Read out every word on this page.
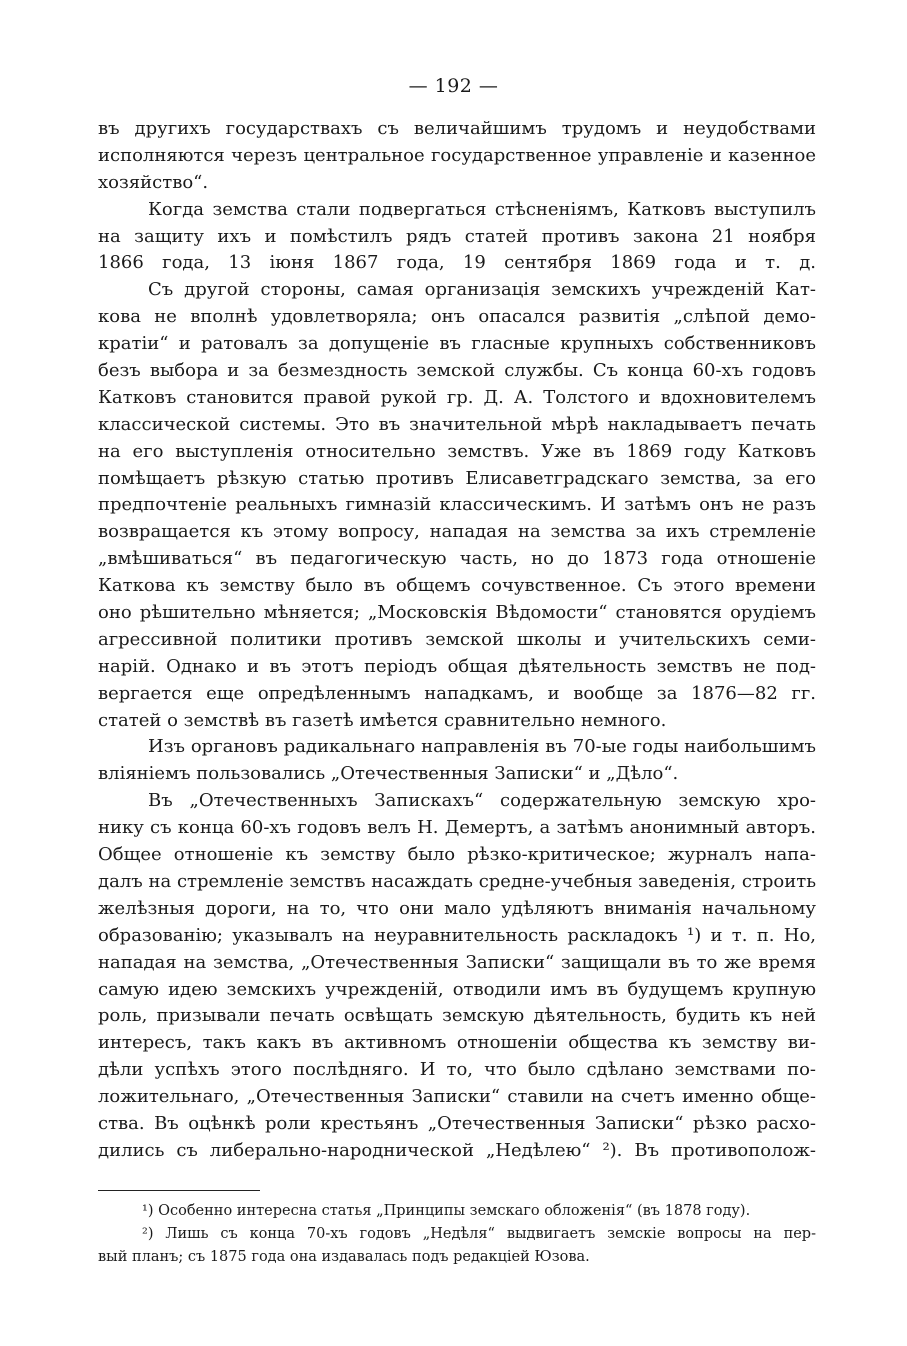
— 192 —
въ другихъ государствахъ съ величайшимъ трудомъ и неудобствами
исполняются черезъ центральное государственное управленіе и казенное
хозяйство“.
Когда земства стали подвергаться стѣсненіямъ, Катковъ выступилъ
на защиту ихъ и помѣстилъ рядъ статей противъ закона 21 ноября
1866 года, 13 іюня 1867 года, 19 сентября 1869 года и т. д.
Съ другой стороны, самая организація земскихъ учрежденій Кат-
кова не вполнѣ удовлетворяла; онъ опасался развитія „слѣпой демо-
кратіи“ и ратовалъ за допущеніе въ гласные крупныхъ собственниковъ
безъ выбора и за безмездность земской службы. Съ конца 60-хъ годовъ
Катковъ становится правой рукой гр. Д. А. Толстого и вдохновителемъ
классической системы. Это въ значительной мѣрѣ накладываетъ печать
на его выступленія относительно земствъ. Уже въ 1869 году Катковъ
помѣщаетъ рѣзкую статью противъ Елисаветградскаго земства, за его
предпочтеніе реальныхъ гимназій классическимъ. И затѣмъ онъ не разъ
возвращается къ этому вопросу, нападая на земства за ихъ стремленіе
„вмѣшиваться“ въ педагогическую часть, но до 1873 года отношеніе
Каткова къ земству было въ общемъ сочувственное. Съ этого времени
оно рѣшительно мѣняется; „Московскія Вѣдомости“ становятся орудіемъ
агрессивной политики противъ земской школы и учительскихъ семи-
нарій. Однако и въ этотъ періодъ общая дѣятельность земствъ не под-
вергается еще опредѣленнымъ нападкамъ, и вообще за 1876—82 гг.
статей о земствѣ въ газетѣ имѣется сравнительно немного.
Изъ органовъ радикальнаго направленія въ 70-ые годы наибольшимъ
вліяніемъ пользовались „Отечественныя Записки“ и „Дѣло“.
Въ „Отечественныхъ Запискахъ“ содержательную земскую хро-
нику съ конца 60-хъ годовъ велъ Н. Демертъ, а затѣмъ анонимный авторъ.
Общее отношеніе къ земству было рѣзко-критическое; журналъ напа-
далъ на стремленіе земствъ насаждать средне-учебныя заведенія, строить
желѣзныя дороги, на то, что они мало удѣляютъ вниманія начальному
образованію; указывалъ на неуравнительность раскладокъ ¹) и т. п. Но,
нападая на земства, „Отечественныя Записки“ защищали въ то же время
самую идею земскихъ учрежденій, отводили имъ въ будущемъ крупную
роль, призывали печать освѣщать земскую дѣятельность, будить къ ней
интересъ, такъ какъ въ активномъ отношеніи общества къ земству ви-
дѣли успѣхъ этого послѣдняго. И то, что было сдѣлано земствами по-
ложительнаго, „Отечественныя Записки“ ставили на счетъ именно обще-
ства. Въ оцѣнкѣ роли крестьянъ „Отечественныя Записки“ рѣзко расхо-
дились съ либерально-народнической „Недѣлею“ ²). Въ противополож-
¹) Особенно интересна статья „Принципы земскаго обложенія“ (въ 1878 году).
²) Лишь съ конца 70-хъ годовъ „Недѣля“ выдвигаетъ земскіе вопросы на пер-
вый планъ; съ 1875 года она издавалась подъ редакціей Юзова.
